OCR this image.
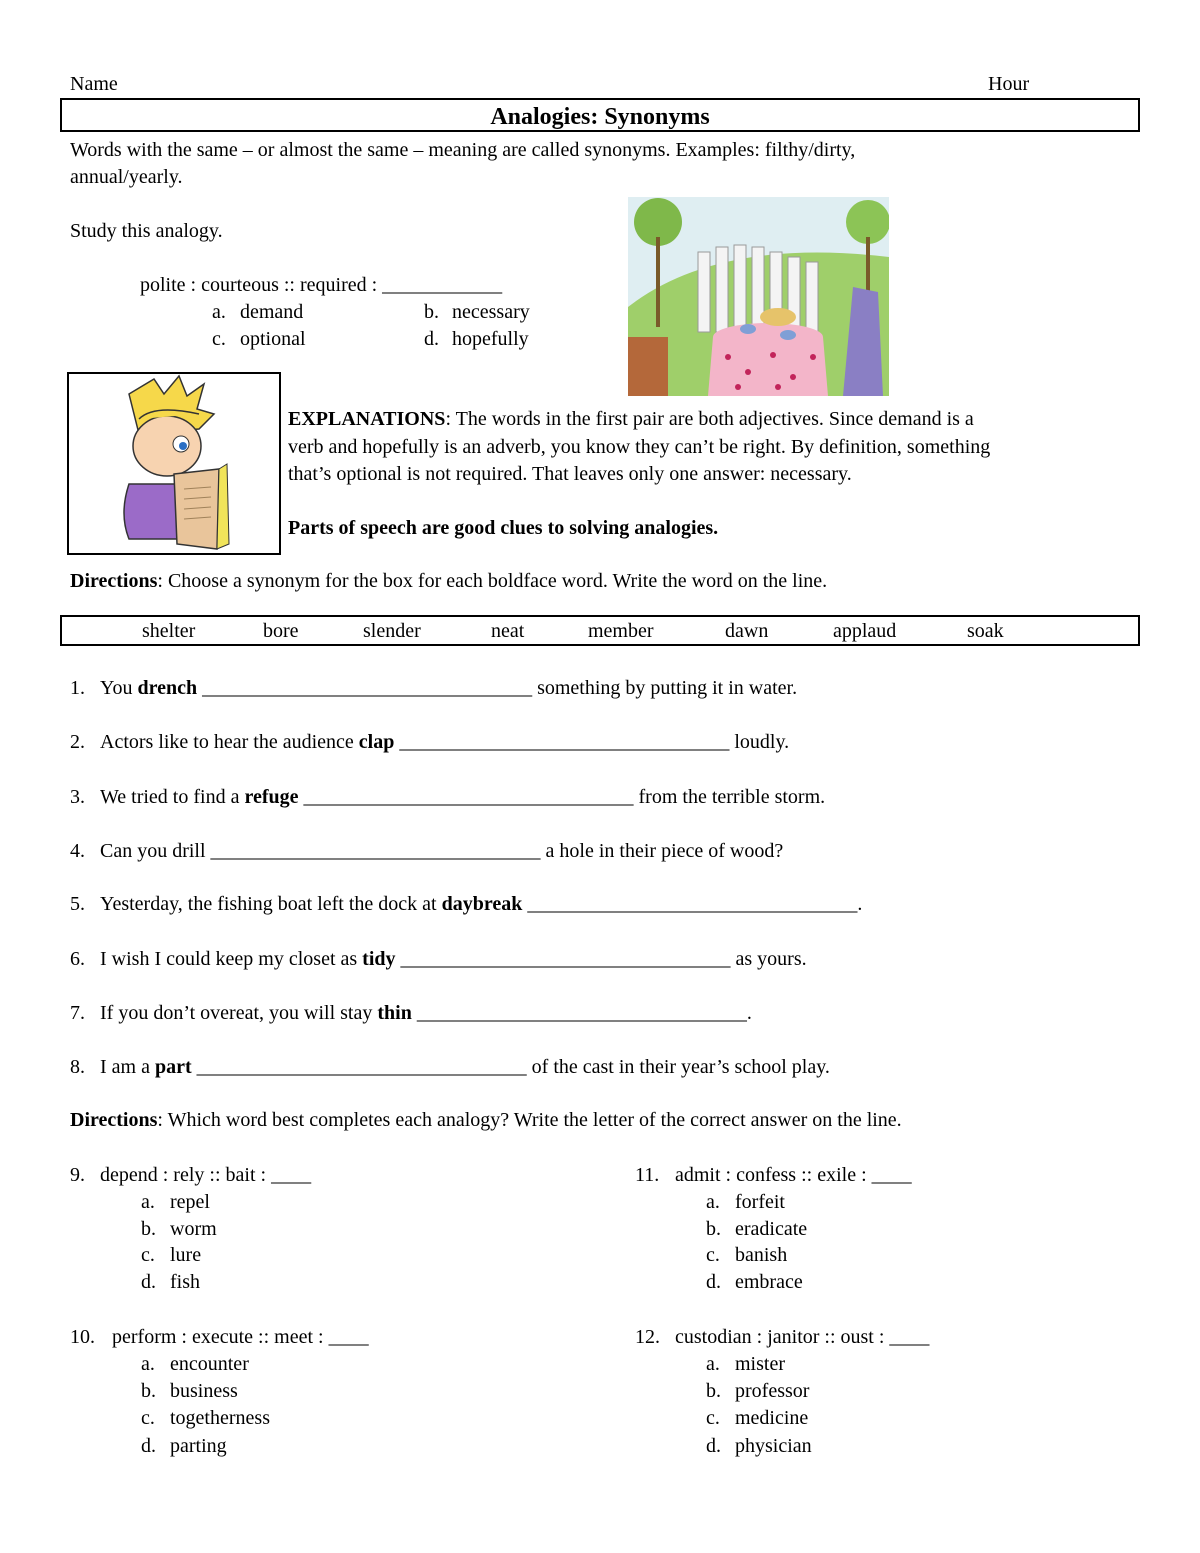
Name	Hour
Analogies: Synonyms
Words with the same – or almost the same – meaning are called synonyms. Examples: filthy/dirty,
annual/yearly.
Study this analogy.
polite : courteous :: required : ____________
a. demand	b. necessary
c. optional	d. hopefully
EXPLANATIONS: The words in the first pair are both adjectives. Since demand is a
verb and hopefully is an adverb, you know they can’t be right. By definition, something
that’s optional is not required. That leaves only one answer: necessary.
Parts of speech are good clues to solving analogies.
Directions: Choose a synonym for the box for each boldface word. Write the word on the line.
shelter	bore	slender	neat	member	dawn	applaud	soak
1. You drench _________________________________ something by putting it in water.
2. Actors like to hear the audience clap _________________________________ loudly.
3. We tried to find a refuge _________________________________ from the terrible storm.
4. Can you drill _________________________________ a hole in their piece of wood?
5. Yesterday, the fishing boat left the dock at daybreak _________________________________.
6. I wish I could keep my closet as tidy _________________________________ as yours.
7. If you don’t overeat, you will stay thin _________________________________.
8. I am a part _________________________________ of the cast in their year’s school play.
Directions: Which word best completes each analogy? Write the letter of the correct answer on the line.
9. depend : rely :: bait : ____
a. repel
b. worm
c. lure
d. fish
10. perform : execute :: meet : ____
a. encounter
b. business
c. togetherness
d. parting
11. admit : confess :: exile : ____
a. forfeit
b. eradicate
c. banish
d. embrace
12. custodian : janitor :: oust : ____
a. mister
b. professor
c. medicine
d. physician
